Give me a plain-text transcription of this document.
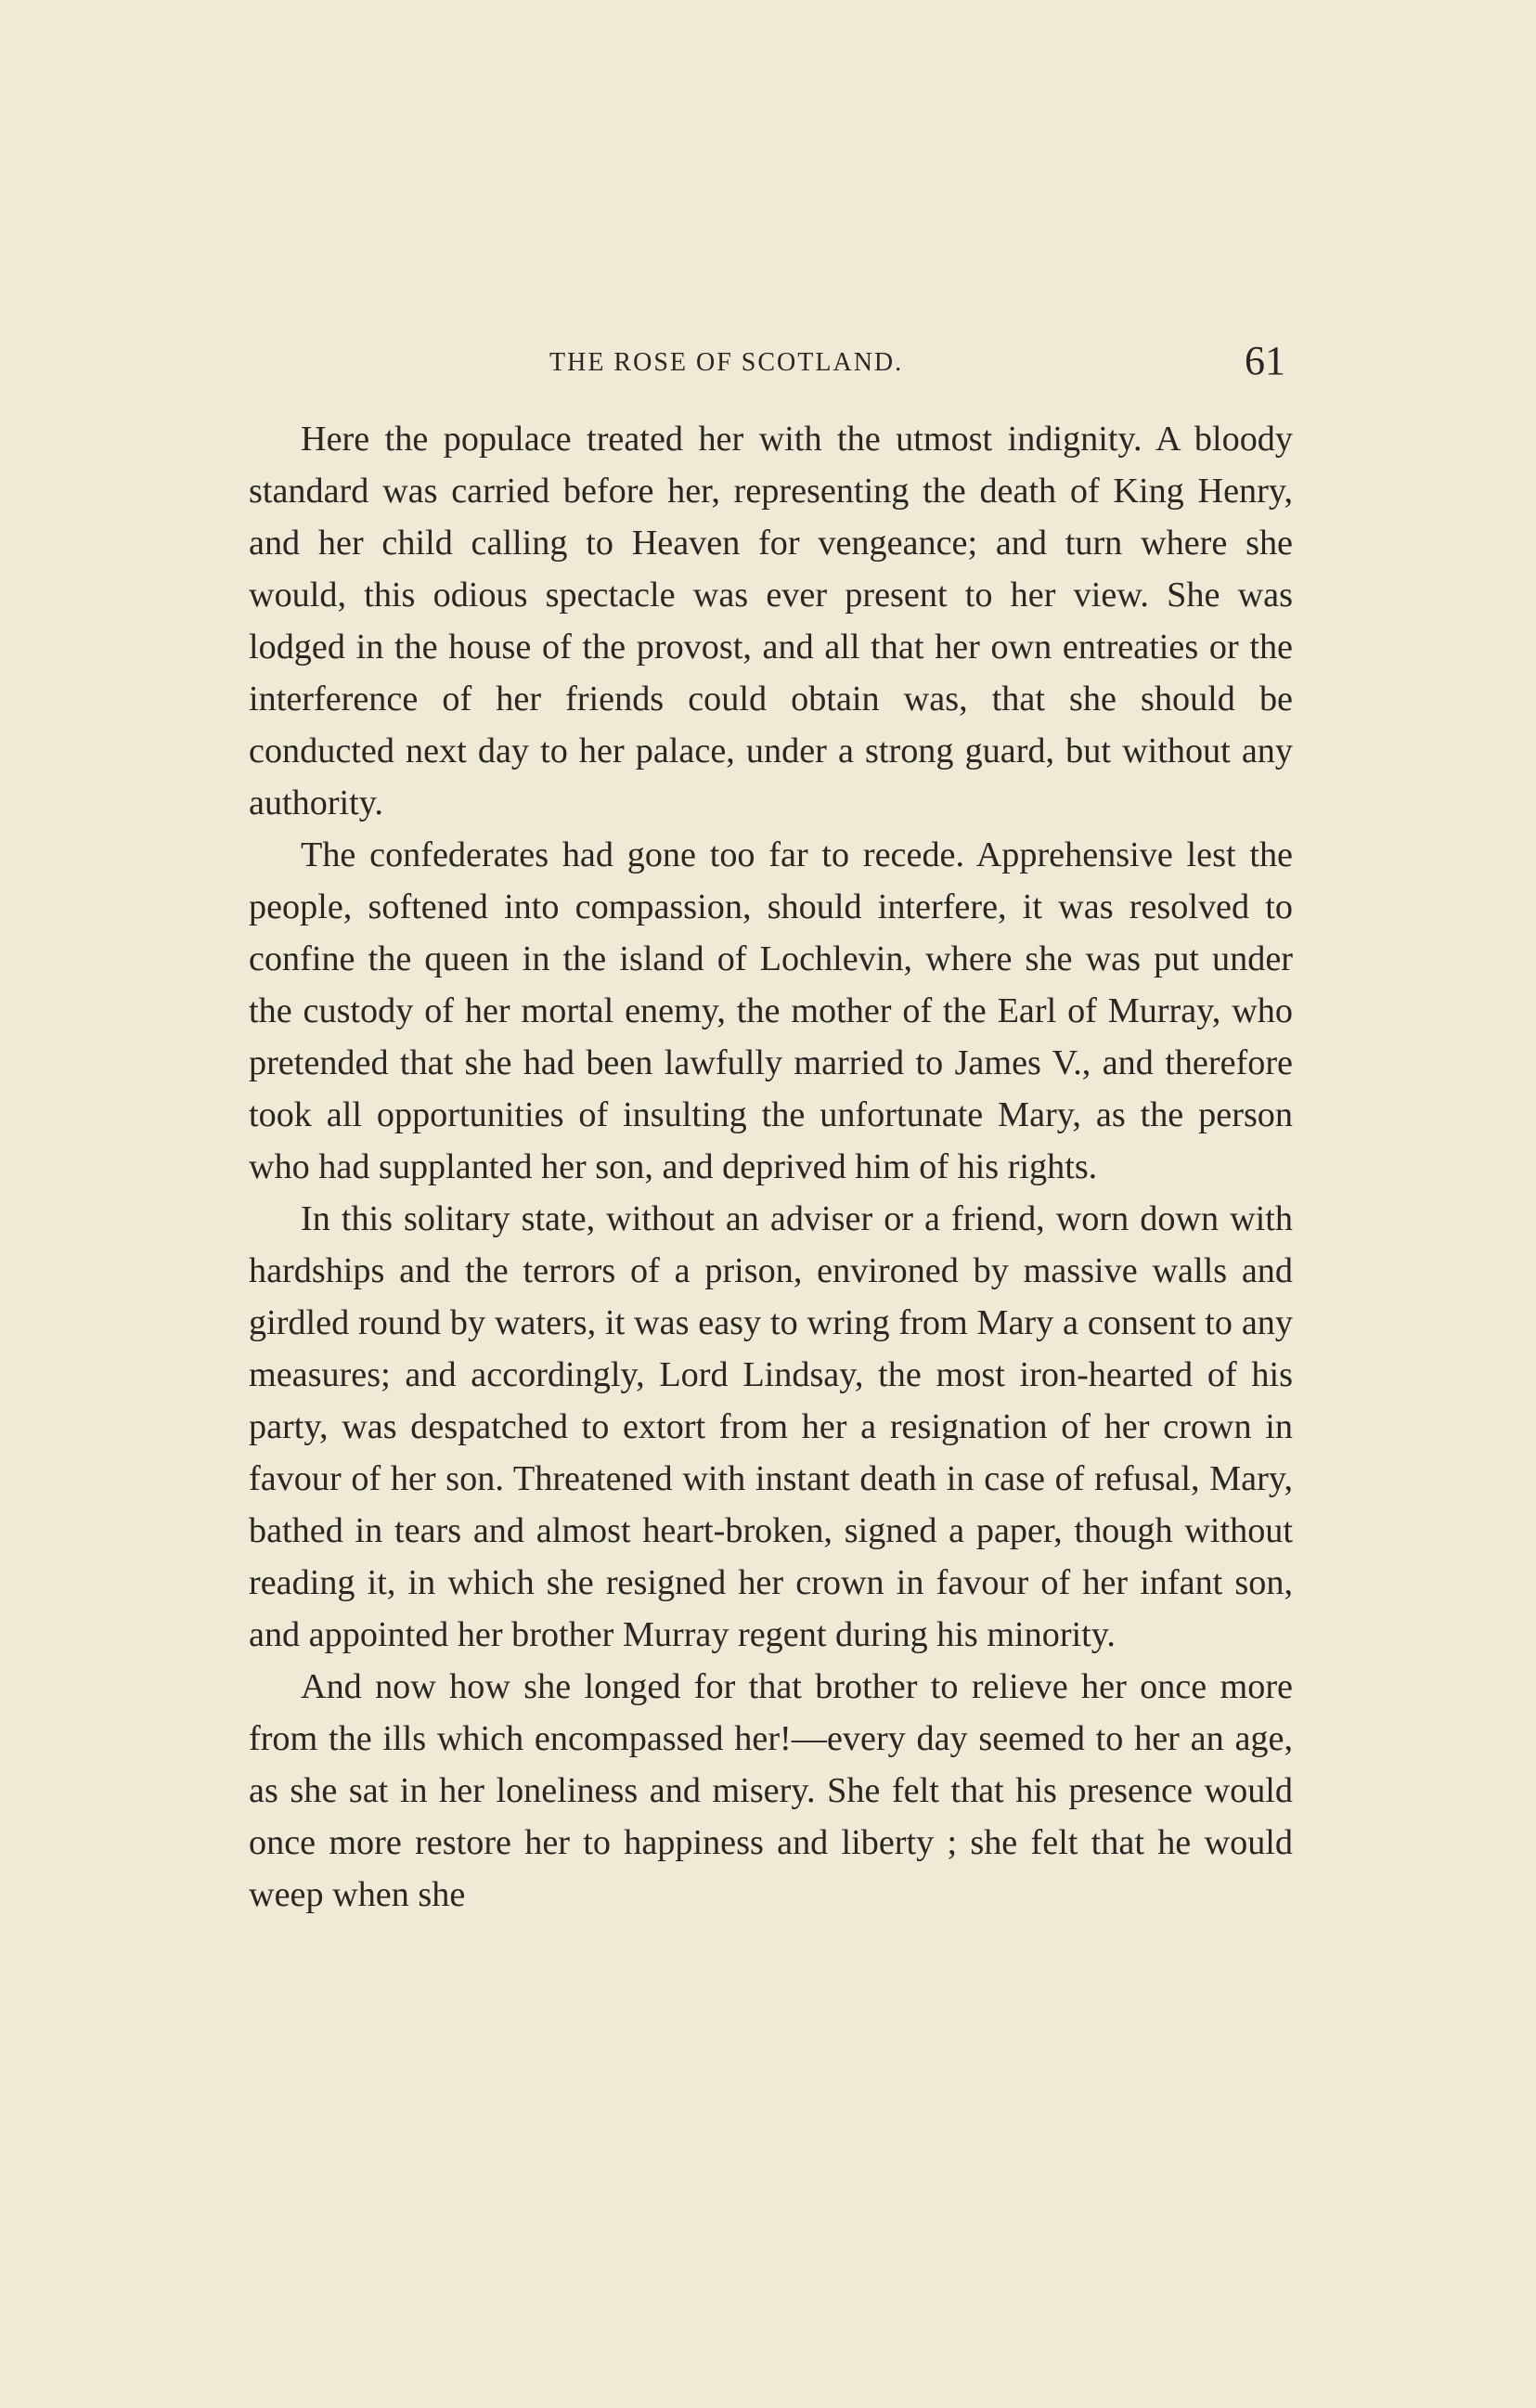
THE ROSE OF SCOTLAND.	61

Here the populace treated her with the utmost indignity. A bloody standard was carried before her, representing the death of King Henry, and her child calling to Heaven for vengeance; and turn where she would, this odious spectacle was ever present to her view. She was lodged in the house of the provost, and all that her own entreaties or the interference of her friends could obtain was, that she should be conducted next day to her palace, under a strong guard, but without any authority.

The confederates had gone too far to recede. Apprehensive lest the people, softened into compassion, should interfere, it was resolved to confine the queen in the island of Lochlevin, where she was put under the custody of her mortal enemy, the mother of the Earl of Murray, who pretended that she had been lawfully married to James V., and therefore took all opportunities of insulting the unfortunate Mary, as the person who had supplanted her son, and deprived him of his rights.

In this solitary state, without an adviser or a friend, worn down with hardships and the terrors of a prison, environed by massive walls and girdled round by waters, it was easy to wring from Mary a consent to any measures; and accordingly, Lord Lindsay, the most iron-hearted of his party, was despatched to extort from her a resignation of her crown in favour of her son. Threatened with instant death in case of refusal, Mary, bathed in tears and almost heart-broken, signed a paper, though without reading it, in which she resigned her crown in favour of her infant son, and appointed her brother Murray regent during his minority.

And now how she longed for that brother to relieve her once more from the ills which encompassed her!—every day seemed to her an age, as she sat in her loneliness and misery. She felt that his presence would once more restore her to happiness and liberty ; she felt that he would weep when she
